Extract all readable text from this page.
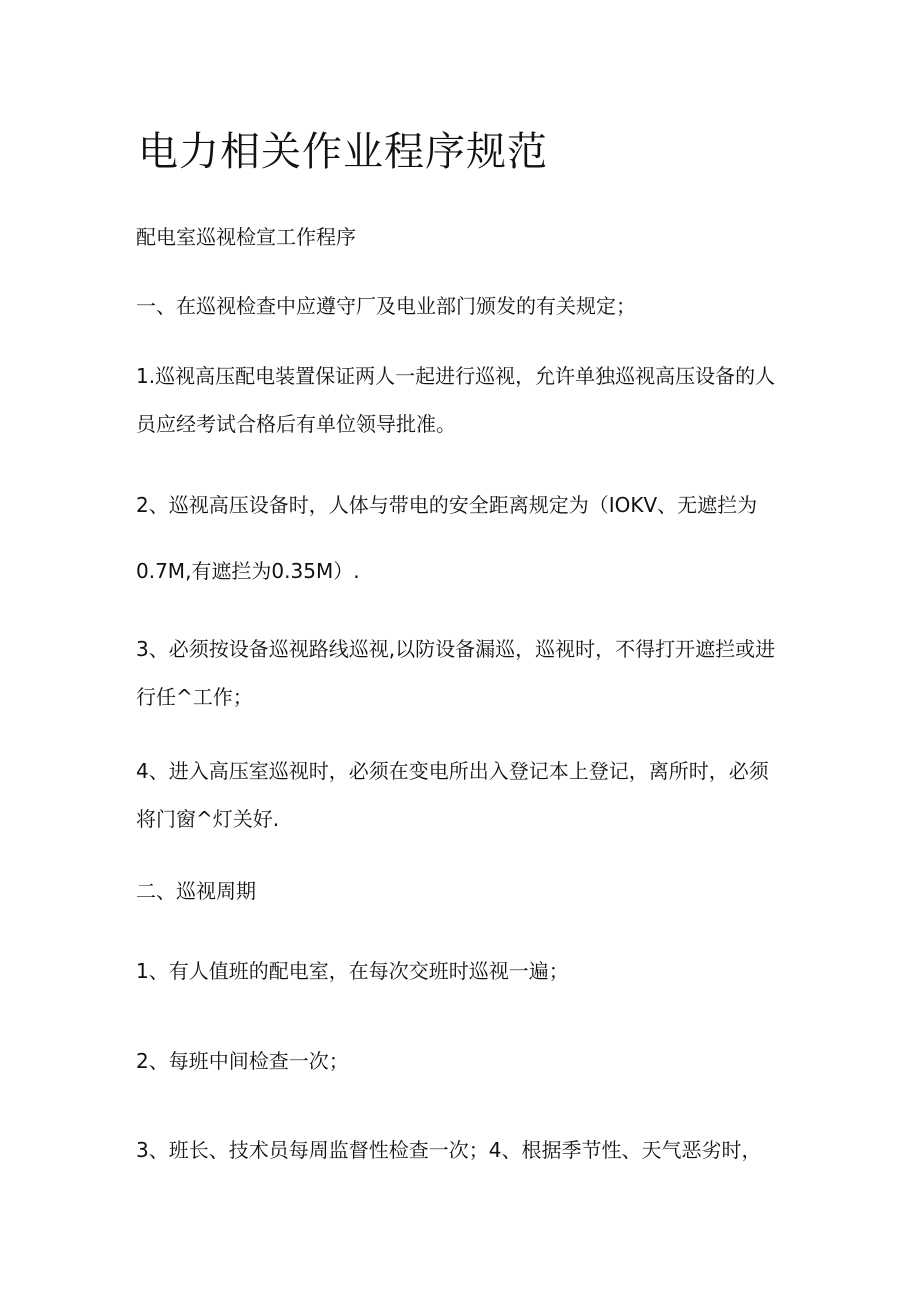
电力相关作业程序规范
配电室巡视检宣工作程序
一、在巡视检查中应遵守厂及电业部门颁发的有关规定；
1.巡视高压配电装置保证两人一起进行巡视，允许单独巡视高压设备的人
员应经考试合格后有单位领导批准。
2、巡视高压设备时，人体与带电的安全距离规定为（IOKV、无遮拦为
0.7M,有遮拦为0.35M）.
3、必须按设备巡视路线巡视,以防设备漏巡，巡视时，不得打开遮拦或进
行任^工作；
4、进入高压室巡视时，必须在变电所出入登记本上登记，离所时，必须
将门窗^灯关好.
二、巡视周期
1、有人值班的配电室，在每次交班时巡视一遍；
2、每班中间检查一次；
3、班长、技术员每周监督性检查一次；4、根据季节性、天气恶劣时，
